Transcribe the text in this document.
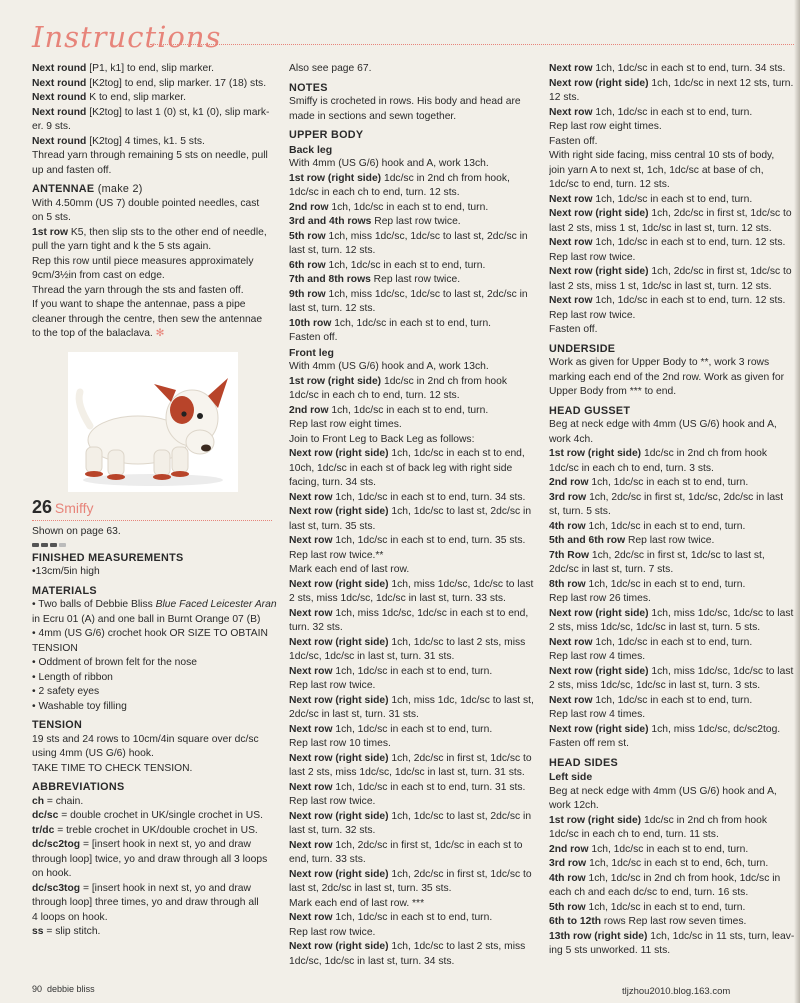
Instructions
Next round [P1, k1] to end, slip marker.
Next round [K2tog] to end, slip marker. 17 (18) sts.
Next round K to end, slip marker.
Next round [K2tog] to last 1 (0) st, k1 (0), slip mark-
er. 9 sts.
Next round [K2tog] 4 times, k1. 5 sts.
Thread yarn through remaining 5 sts on needle, pull
up and fasten off.
ANTENNAE (make 2)
With 4.50mm (US 7) double pointed needles, cast
on 5 sts.
1st row K5, then slip sts to the other end of needle,
pull the yarn tight and k the 5 sts again.
Rep this row until piece measures approximately
9cm/3½in from cast on edge.
Thread the yarn through the sts and fasten off.
If you want to shape the antennae, pass a pipe
cleaner through the centre, then sew the antennae
to the top of the balaclava. ✻
26 Smiffy
Shown on page 63.
FINISHED MEASUREMENTS
• 13cm/5in high
MATERIALS
• Two balls of Debbie Bliss Blue Faced Leicester Aran
in Ecru 01 (A) and one ball in Burnt Orange 07 (B)
• 4mm (US G/6) crochet hook OR SIZE TO OBTAIN
TENSION
• Oddment of brown felt for the nose
• Length of ribbon
• 2 safety eyes
• Washable toy filling
TENSION
19 sts and 24 rows to 10cm/4in square over dc/sc
using 4mm (US G/6) hook.
TAKE TIME TO CHECK TENSION.
ABBREVIATIONS
ch = chain.
dc/sc = double crochet in UK/single crochet in US.
tr/dc = treble crochet in UK/double crochet in US.
dc/sc2tog = [insert hook in next st, yo and draw
through loop] twice, yo and draw through all 3 loops
on hook.
dc/sc3tog = [insert hook in next st, yo and draw
through loop] three times, yo and draw through all
4 loops on hook.
ss = slip stitch.
Also see page 67.
NOTES
Smiffy is crocheted in rows. His body and head are
made in sections and sewn together.
UPPER BODY
Back leg
With 4mm (US G/6) hook and A, work 13ch.
1st row (right side) 1dc/sc in 2nd ch from hook,
1dc/sc in each ch to end, turn. 12 sts.
2nd row 1ch, 1dc/sc in each st to end, turn.
3rd and 4th rows Rep last row twice.
5th row 1ch, miss 1dc/sc, 1dc/sc to last st, 2dc/sc in
last st, turn. 12 sts.
6th row 1ch, 1dc/sc in each st to end, turn.
7th and 8th rows Rep last row twice.
9th row 1ch, miss 1dc/sc, 1dc/sc to last st, 2dc/sc in
last st, turn. 12 sts.
10th row 1ch, 1dc/sc in each st to end, turn.
Fasten off.
Front leg
With 4mm (US G/6) hook and A, work 13ch.
1st row (right side) 1dc/sc in 2nd ch from hook
1dc/sc in each ch to end, turn. 12 sts.
2nd row 1ch, 1dc/sc in each st to end, turn.
Rep last row eight times.
Join to Front Leg to Back Leg as follows:
Next row (right side) 1ch, 1dc/sc in each st to end,
10ch, 1dc/sc in each st of back leg with right side
facing, turn. 34 sts.
Next row 1ch, 1dc/sc in each st to end, turn. 34 sts.
Next row (right side) 1ch, 1dc/sc to last st, 2dc/sc in
last st, turn. 35 sts.
Next row 1ch, 1dc/sc in each st to end, turn. 35 sts.
Rep last row twice.**
Mark each end of last row.
Next row (right side) 1ch, miss 1dc/sc, 1dc/sc to last
2 sts, miss 1dc/sc, 1dc/sc in last st, turn. 33 sts.
Next row 1ch, miss 1dc/sc, 1dc/sc in each st to end,
turn. 32 sts.
Next row (right side) 1ch, 1dc/sc to last 2 sts, miss
1dc/sc, 1dc/sc in last st, turn. 31 sts.
Next row 1ch, 1dc/sc in each st to end, turn.
Rep last row twice.
Next row (right side) 1ch, miss 1dc, 1dc/sc to last st,
2dc/sc in last st, turn. 31 sts.
Next row 1ch, 1dc/sc in each st to end, turn.
Rep last row 10 times.
Next row (right side) 1ch, 2dc/sc in first st, 1dc/sc to
last 2 sts, miss 1dc/sc, 1dc/sc in last st, turn. 31 sts.
Next row 1ch, 1dc/sc in each st to end, turn. 31 sts.
Rep last row twice.
Next row (right side) 1ch, 1dc/sc to last st, 2dc/sc in
last st, turn. 32 sts.
Next row 1ch, 2dc/sc in first st, 1dc/sc in each st to
end, turn. 33 sts.
Next row (right side) 1ch, 2dc/sc in first st, 1dc/sc to
last st, 2dc/sc in last st, turn. 35 sts.
Mark each end of last row. ***
Next row 1ch, 1dc/sc in each st to end, turn.
Rep last row twice.
Next row (right side) 1ch, 1dc/sc to last 2 sts, miss
1dc/sc, 1dc/sc in last st, turn. 34 sts.
Next row 1ch, 1dc/sc in each st to end, turn. 34 sts.
Next row (right side) 1ch, 1dc/sc in next 12 sts, turn.
12 sts.
Next row 1ch, 1dc/sc in each st to end, turn.
Rep last row eight times.
Fasten off.
With right side facing, miss central 10 sts of body,
join yarn A to next st, 1ch, 1dc/sc at base of ch,
1dc/sc to end, turn. 12 sts.
Next row 1ch, 1dc/sc in each st to end, turn.
Next row (right side) 1ch, 2dc/sc in first st, 1dc/sc to
last 2 sts, miss 1 st, 1dc/sc in last st, turn. 12 sts.
Next row 1ch, 1dc/sc in each st to end, turn. 12 sts.
Rep last row twice.
Next row (right side) 1ch, 2dc/sc in first st, 1dc/sc to
last 2 sts, miss 1 st, 1dc/sc in last st, turn. 12 sts.
Next row 1ch, 1dc/sc in each st to end, turn. 12 sts.
Rep last row twice.
Fasten off.
UNDERSIDE
Work as given for Upper Body to **, work 3 rows
marking each end of the 2nd row. Work as given for
Upper Body from *** to end.
HEAD GUSSET
Beg at neck edge with 4mm (US G/6) hook and A,
work 4ch.
1st row (right side) 1dc/sc in 2nd ch from hook
1dc/sc in each ch to end, turn. 3 sts.
2nd row 1ch, 1dc/sc in each st to end, turn.
3rd row 1ch, 2dc/sc in first st, 1dc/sc, 2dc/sc in last
st, turn. 5 sts.
4th row 1ch, 1dc/sc in each st to end, turn.
5th and 6th row Rep last row twice.
7th Row 1ch, 2dc/sc in first st, 1dc/sc to last st,
2dc/sc in last st, turn. 7 sts.
8th row 1ch, 1dc/sc in each st to end, turn.
Rep last row 26 times.
Next row (right side) 1ch, miss 1dc/sc, 1dc/sc to last
2 sts, miss 1dc/sc, 1dc/sc in last st, turn. 5 sts.
Next row 1ch, 1dc/sc in each st to end, turn.
Rep last row 4 times.
Next row (right side) 1ch, miss 1dc/sc, 1dc/sc to last
2 sts, miss 1dc/sc, 1dc/sc in last st, turn. 3 sts.
Next row 1ch, 1dc/sc in each st to end, turn.
Rep last row 4 times.
Next row (right side) 1ch, miss 1dc/sc, dc/sc2tog.
Fasten off rem st.
HEAD SIDES
Left side
Beg at neck edge with 4mm (US G/6) hook and A,
work 12ch.
1st row (right side) 1dc/sc in 2nd ch from hook
1dc/sc in each ch to end, turn. 11 sts.
2nd row 1ch, 1dc/sc in each st to end, turn.
3rd row 1ch, 1dc/sc in each st to end, 6ch, turn.
4th row 1ch, 1dc/sc in 2nd ch from hook, 1dc/sc in
each ch and each dc/sc to end, turn. 16 sts.
5th row 1ch, 1dc/sc in each st to end, turn.
6th to 12th rows Rep last row seven times.
13th row (right side) 1ch, 1dc/sc in 11 sts, turn, leav-
ing 5 sts unworked. 11 sts.
90 debbie bliss	tljzhou2010.blog.163.com
